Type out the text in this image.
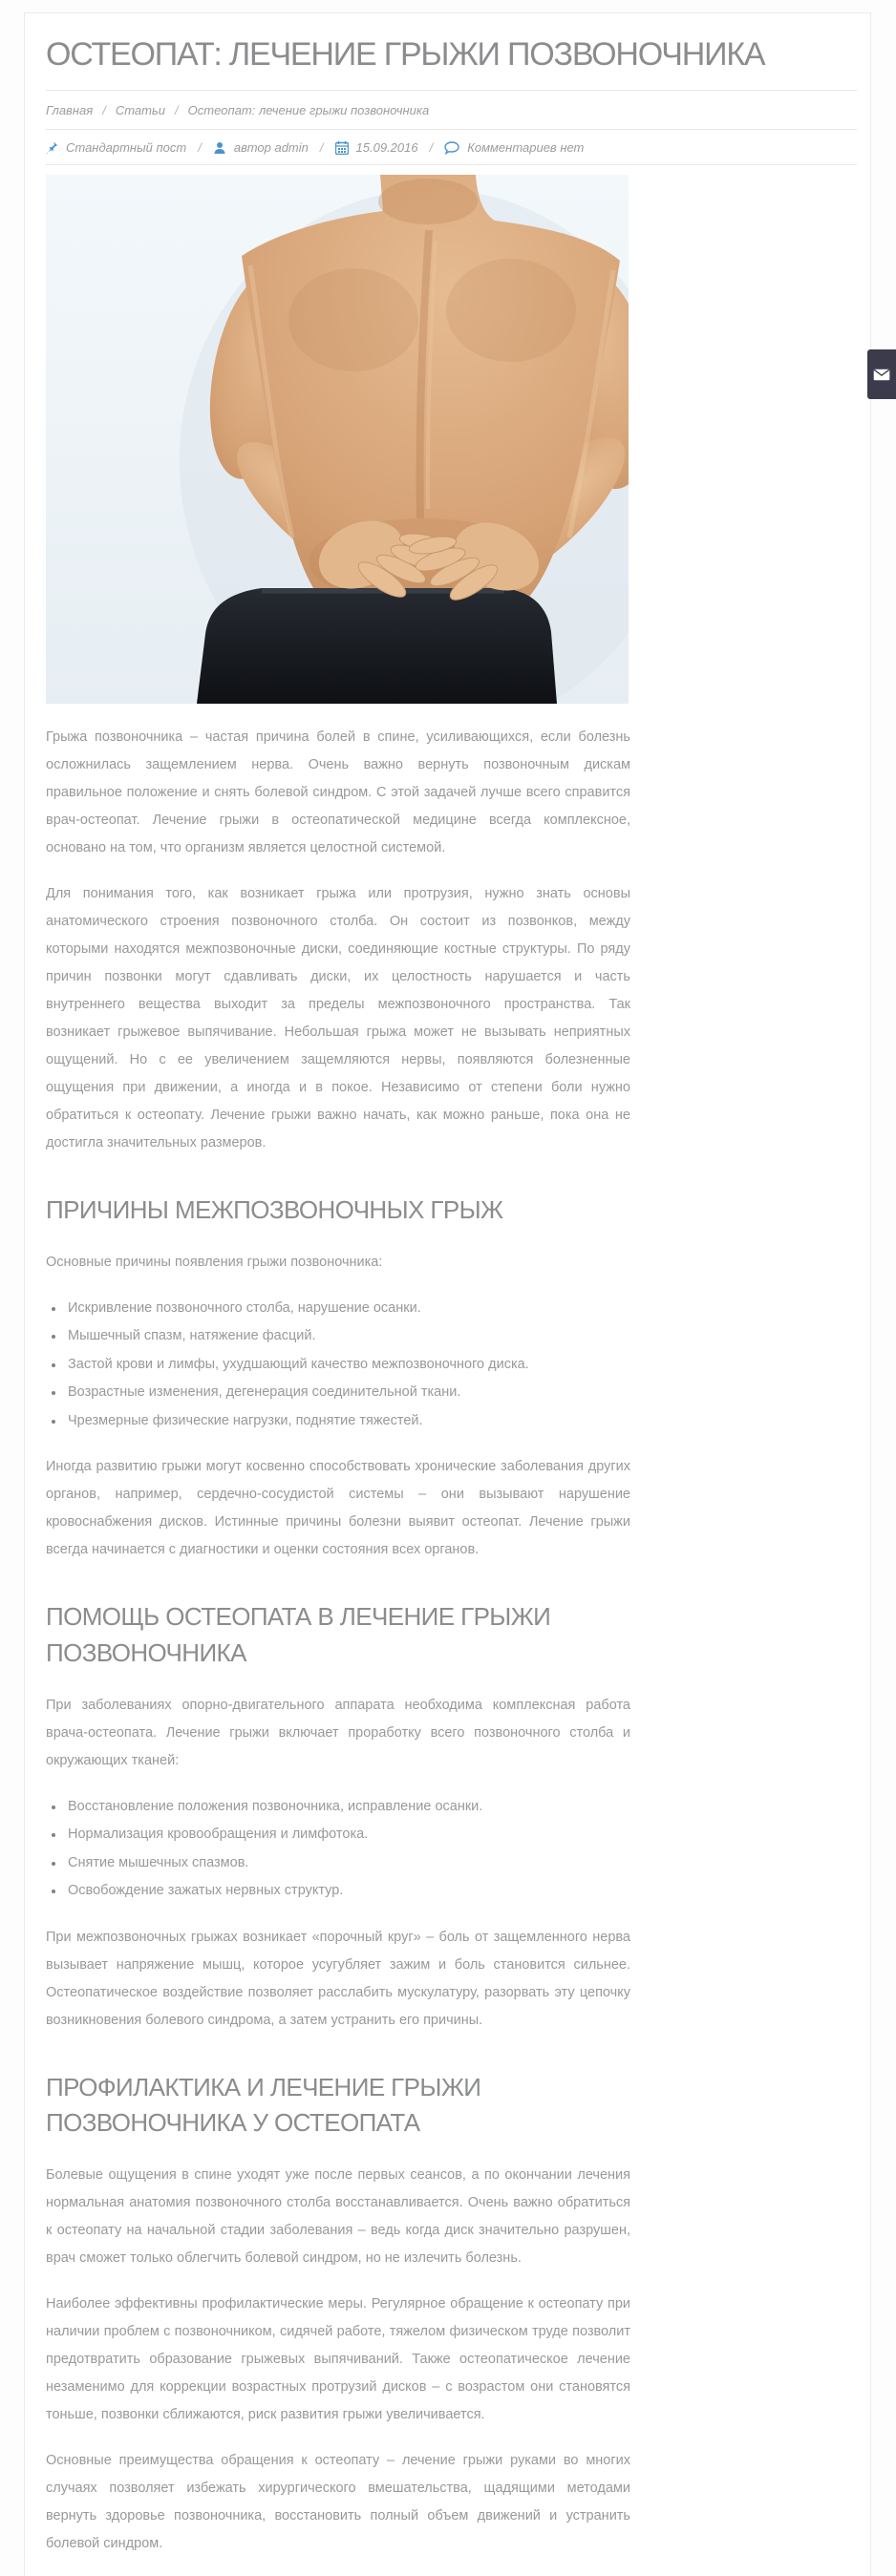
ОСТЕОПАТ: ЛЕЧЕНИЕ ГРЫЖИ ПОЗВОНОЧНИКА
Главная / Статьи / Остеопат: лечение грыжи позвоночника
Стандартный пост /	автор admin /	15.09.2016 /	Комментариев нет

Грыжа позвоночника – частая причина болей в спине, усиливающихся, если болезнь осложнилась защемлением нерва. Очень важно вернуть позвоночным дискам правильное положение и снять болевой синдром. С этой задачей лучше всего справится врач-остеопат. Лечение грыжи в остеопатической медицине всегда комплексное, основано на том, что организм является целостной системой.

Для понимания того, как возникает грыжа или протрузия, нужно знать основы анатомического строения позвоночного столба. Он состоит из позвонков, между которыми находятся межпозвоночные диски, соединяющие костные структуры. По ряду причин позвонки могут сдавливать диски, их целостность нарушается и часть внутреннего вещества выходит за пределы межпозвоночного пространства. Так возникает грыжевое выпячивание. Небольшая грыжа может не вызывать неприятных ощущений. Но с ее увеличением защемляются нервы, появляются болезненные ощущения при движении, а иногда и в покое. Независимо от степени боли нужно обратиться к остеопату. Лечение грыжи важно начать, как можно раньше, пока она не достигла значительных размеров.

ПРИЧИНЫ МЕЖПОЗВОНОЧНЫХ ГРЫЖ

Основные причины появления грыжи позвоночника:

• Искривление позвоночного столба, нарушение осанки.
• Мышечный спазм, натяжение фасций.
• Застой крови и лимфы, ухудшающий качество межпозвоночного диска.
• Возрастные изменения, дегенерация соединительной ткани.
• Чрезмерные физические нагрузки, поднятие тяжестей.

Иногда развитию грыжи могут косвенно способствовать хронические заболевания других органов, например, сердечно-сосудистой системы – они вызывают нарушение кровоснабжения дисков. Истинные причины болезни выявит остеопат. Лечение грыжи всегда начинается с диагностики и оценки состояния всех органов.

ПОМОЩЬ ОСТЕОПАТА В ЛЕЧЕНИЕ ГРЫЖИ ПОЗВОНОЧНИКА

При заболеваниях опорно-двигательного аппарата необходима комплексная работа врача-остеопата. Лечение грыжи включает проработку всего позвоночного столба и окружающих тканей:

• Восстановление положения позвоночника, исправление осанки.
• Нормализация кровообращения и лимфотока.
• Снятие мышечных спазмов.
• Освобождение зажатых нервных структур.

При межпозвоночных грыжах возникает «порочный круг» – боль от защемленного нерва вызывает напряжение мышц, которое усугубляет зажим и боль становится сильнее. Остеопатическое воздействие позволяет расслабить мускулатуру, разорвать эту цепочку возникновения болевого синдрома, а затем устранить его причины.

ПРОФИЛАКТИКА И ЛЕЧЕНИЕ ГРЫЖИ ПОЗВОНОЧНИКА У ОСТЕОПАТА

Болевые ощущения в спине уходят уже после первых сеансов, а по окончании лечения нормальная анатомия позвоночного столба восстанавливается. Очень важно обратиться к остеопату на начальной стадии заболевания – ведь когда диск значительно разрушен, врач сможет только облегчить болевой синдром, но не излечить болезнь.

Наиболее эффективны профилактические меры. Регулярное обращение к остеопату при наличии проблем с позвоночником, сидячей работе, тяжелом физическом труде позволит предотвратить образование грыжевых выпячиваний. Также остеопатическое лечение незаменимо для коррекции возрастных протрузий дисков – с возрастом они становятся тоньше, позвонки сближаются, риск развития грыжи увеличивается.

Основные преимущества обращения к остеопату – лечение грыжи руками во многих случаях позволяет избежать хирургического вмешательства, щадящими методами вернуть здоровье позвоночника, восстановить полный объем движений и устранить болевой синдром.
